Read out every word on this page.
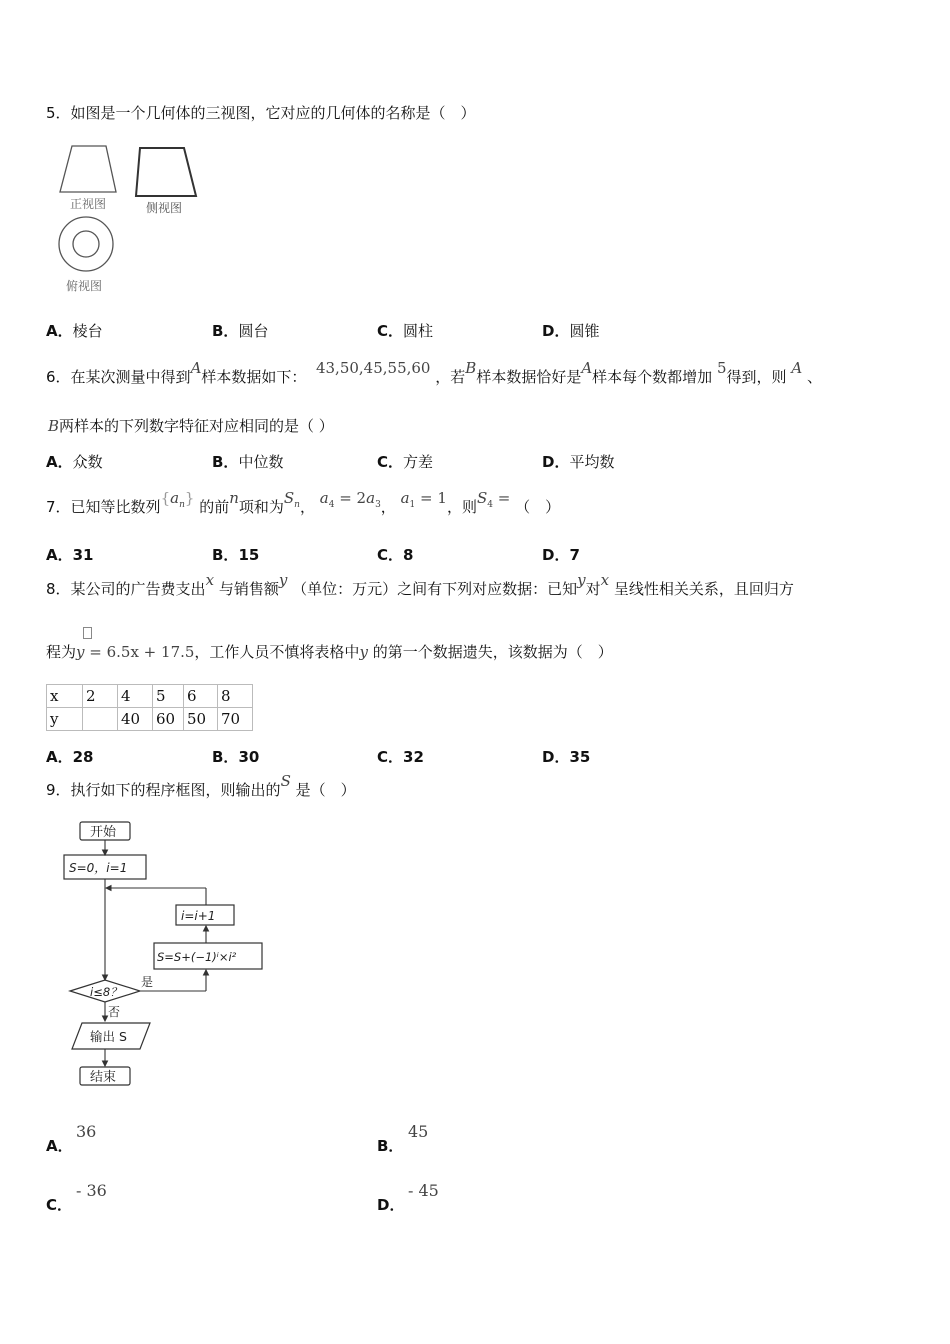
5．如图是一个几何体的三视图，它对应的几何体的名称是（　）
正视图	侧视图
俯视图
A．棱台	B．圆台	C．圆柱	D．圆锥
6．在某次测量中得到A样本数据如下： 43,50,45,55,60 ，若B样本数据恰好是A样本每个数都增加 5得到，则 A 、
B两样本的下列数字特征对应相同的是（ ）
A．众数	B．中位数	C．方差	D．平均数
7．已知等比数列$\{a_n\}$ 的前n项和为$S_n$， $a_4 = 2a_3$， $a_1 = 1$，则$S_4$ = （　）
A．31	B．15	C．8	D．7
8．某公司的广告费支出x 与销售额y （单位：万元）之间有下列对应数据：已知y对x 呈线性相关关系，且回归方
程为y = 6.5x + 17.5，工作人员不慎将表格中y 的第一个数据遗失，该数据为（　）
x	2	4	5	6	8
y		40	60	50	70
A．28	B．30	C．32	D．35
9．执行如下的程序框图，则输出的S 是（　）
开始
S=0，i=1
i=i+1
S=S+(−1)ⁱ×i²
i≤8？
是
否
输出 S
结束
A．
36
B．
45
C．
- 36
D．
- 45
